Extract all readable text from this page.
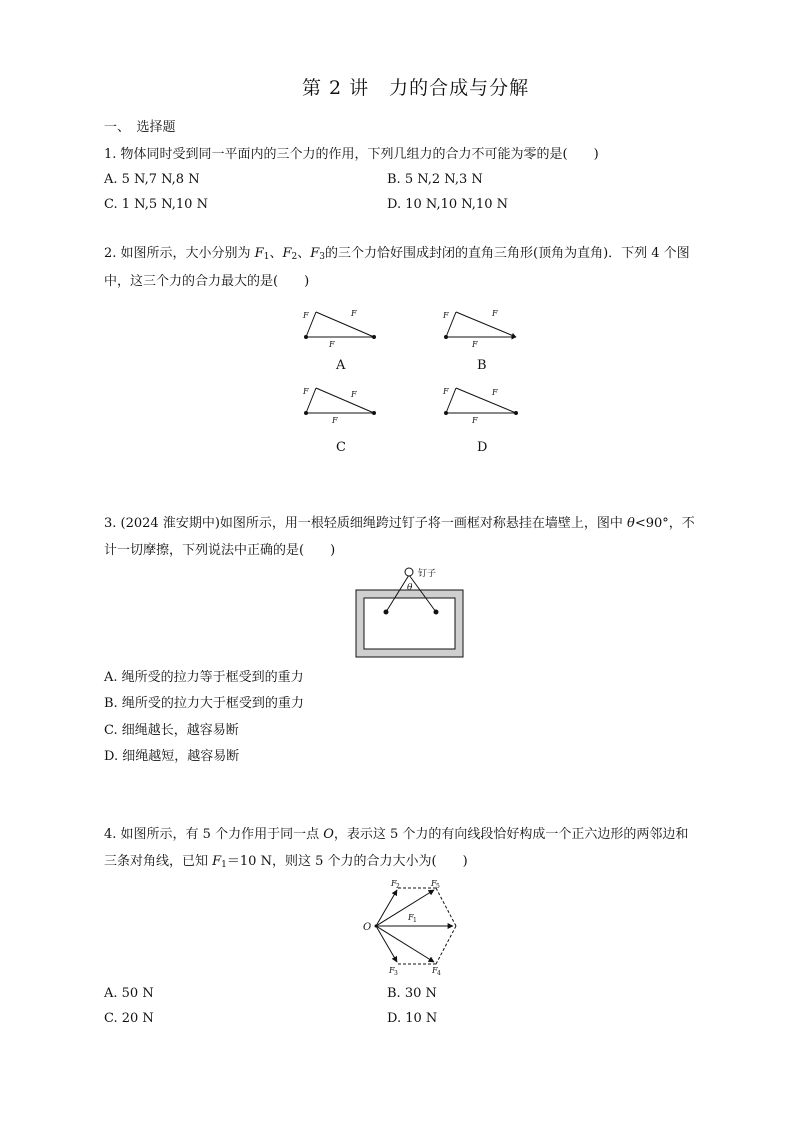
第 2 讲　力的合成与分解
一、　选择题
1. 物体同时受到同一平面内的三个力的作用，下列几组力的合力不可能为零的是(　　)
A. 5 N,7 N,8 N	B. 5 N,2 N,3 N
C. 1 N,5 N,10 N	D. 10 N,10 N,10 N
2. 如图所示，大小分别为 $F_1$、$F_2$、$F_3$的三个力恰好围成封闭的直角三角形(顶角为直角)．下列 4 个图
中，这三个力的合力最大的是(　　)
F	F
F
F	F
F
F	F
F
F	F
F
A	B
C	D
3. (2024 淮安期中)如图所示，用一根轻质细绳跨过钉子将一画框对称悬挂在墙壁上，图中 θ<90°，不
计一切摩擦，下列说法中正确的是(　　)
钉子
θ
A. 绳所受的拉力等于框受到的重力
B. 绳所受的拉力大于框受到的重力
C. 细绳越长，越容易断
D. 细绳越短，越容易断
4. 如图所示，有 5 个力作用于同一点 O，表示这 5 个力的有向线段恰好构成一个正六边形的两邻边和
三条对角线，已知 $F_1=10$ N，则这 5 个力的合力大小为(　　)
O
F	F
F
F	F
2	5
1
3	4
A. 50 N	B. 30 N
C. 20 N	D. 10 N
